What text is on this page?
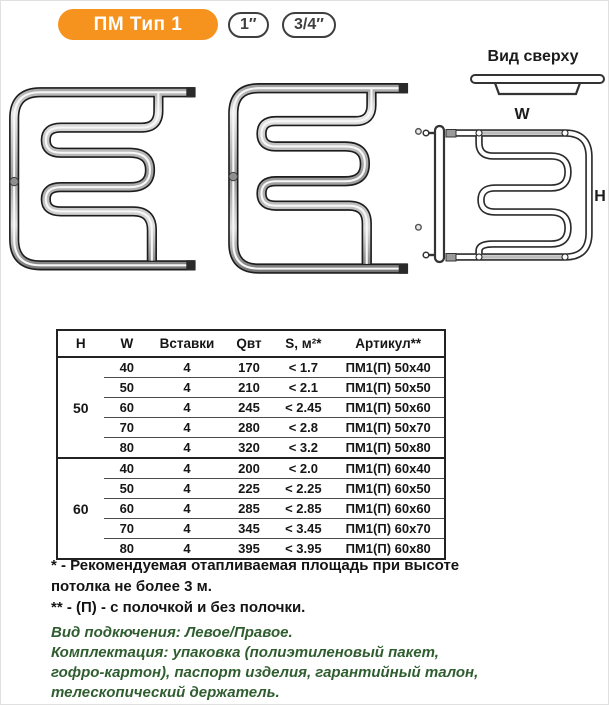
ПМ Тип 1	1″	3/4″
Вид сверху
W
H
H	W	Вставки	Qвт	S, м²*	Артикул**
50	40	4	170	< 1.7	ПМ1(П) 50x40
	50	4	210	< 2.1	ПМ1(П) 50x50
	60	4	245	< 2.45	ПМ1(П) 50x60
	70	4	280	< 2.8	ПМ1(П) 50x70
	80	4	320	< 3.2	ПМ1(П) 50x80
60	40	4	200	< 2.0	ПМ1(П) 60x40
	50	4	225	< 2.25	ПМ1(П) 60x50
	60	4	285	< 2.85	ПМ1(П) 60x60
	70	4	345	< 3.45	ПМ1(П) 60x70
	80	4	395	< 3.95	ПМ1(П) 60x80

* - Рекомендуемая отапливаемая площадь при высоте потолка не более 3 м.

** - (П) - с полочкой и без полочки.

Вид подкючения: Левое/Правое.

Комплектация: упаковка (полиэтиленовый пакет, гофро-картон), паспорт изделия, гарантийный талон, телескопический держатель.
